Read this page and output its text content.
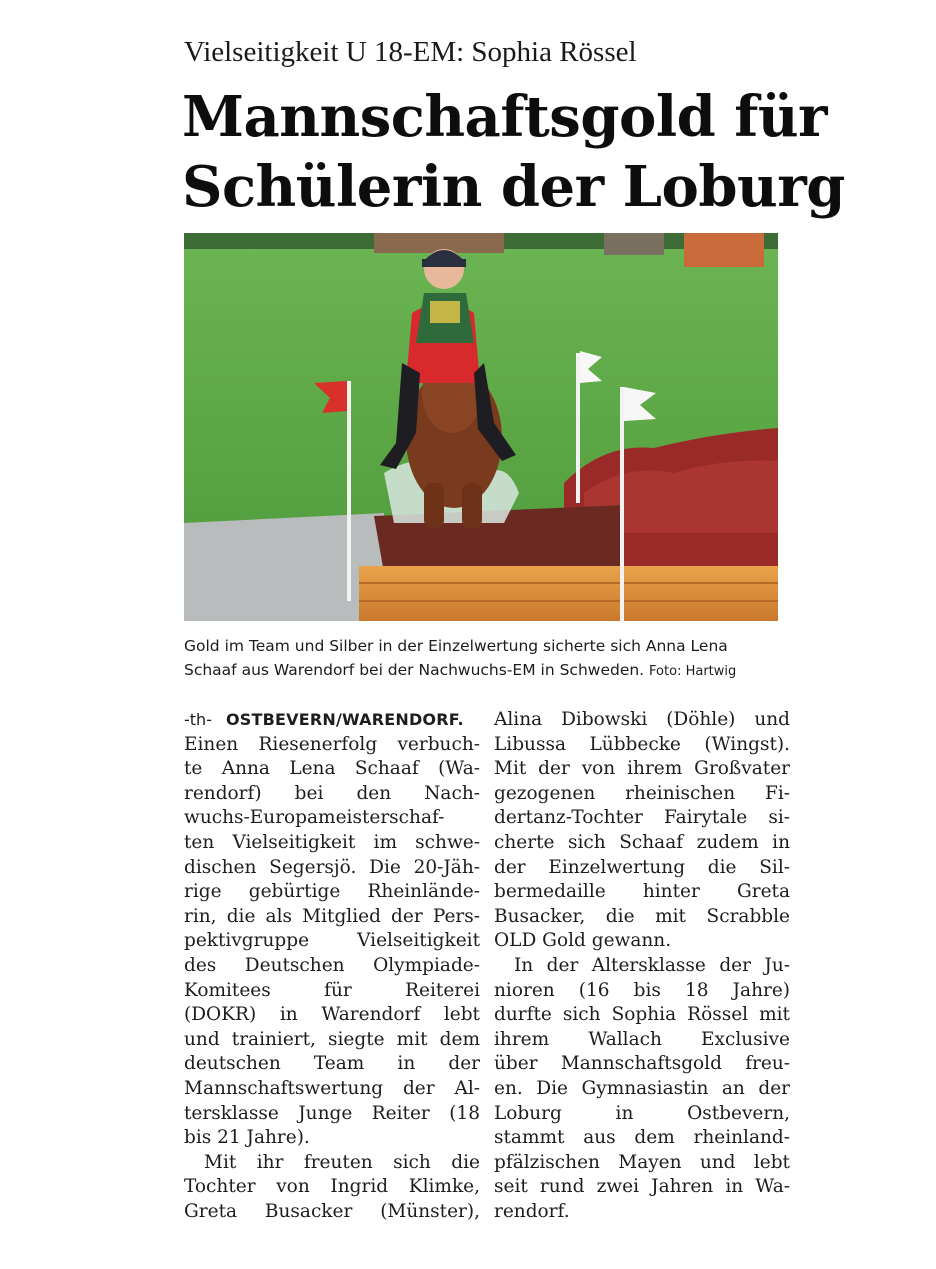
Vielseitigkeit U 18-EM: Sophia Rössel
Mannschaftsgold für
Schülerin der Loburg
Gold im Team und Silber in der Einzelwertung sicherte sich Anna Lena
Schaaf aus Warendorf bei der Nachwuchs-EM in Schweden. Foto: Hartwig
-th- OSTBEVERN/WARENDORF.
Einen Riesenerfolg verbuch-
te Anna Lena Schaaf (Wa-
rendorf) bei den Nach-
wuchs-Europameisterschaf-
ten Vielseitigkeit im schwe-
dischen Segersjö. Die 20-Jäh-
rige gebürtige Rheinlände-
rin, die als Mitglied der Pers-
pektivgruppe Vielseitigkeit
des Deutschen Olympiade-
Komitees für Reiterei
(DOKR) in Warendorf lebt
und trainiert, siegte mit dem
deutschen Team in der
Mannschaftswertung der Al-
tersklasse Junge Reiter (18
bis 21 Jahre).
Mit ihr freuten sich die
Tochter von Ingrid Klimke,
Greta Busacker (Münster),
Alina Dibowski (Döhle) und
Libussa Lübbecke (Wingst).
Mit der von ihrem Großvater
gezogenen rheinischen Fi-
dertanz-Tochter Fairytale si-
cherte sich Schaaf zudem in
der Einzelwertung die Sil-
bermedaille hinter Greta
Busacker, die mit Scrabble
OLD Gold gewann.
In der Altersklasse der Ju-
nioren (16 bis 18 Jahre)
durfte sich Sophia Rössel mit
ihrem Wallach Exclusive
über Mannschaftsgold freu-
en. Die Gymnasiastin an der
Loburg in Ostbevern,
stammt aus dem rheinland-
pfälzischen Mayen und lebt
seit rund zwei Jahren in Wa-
rendorf.
